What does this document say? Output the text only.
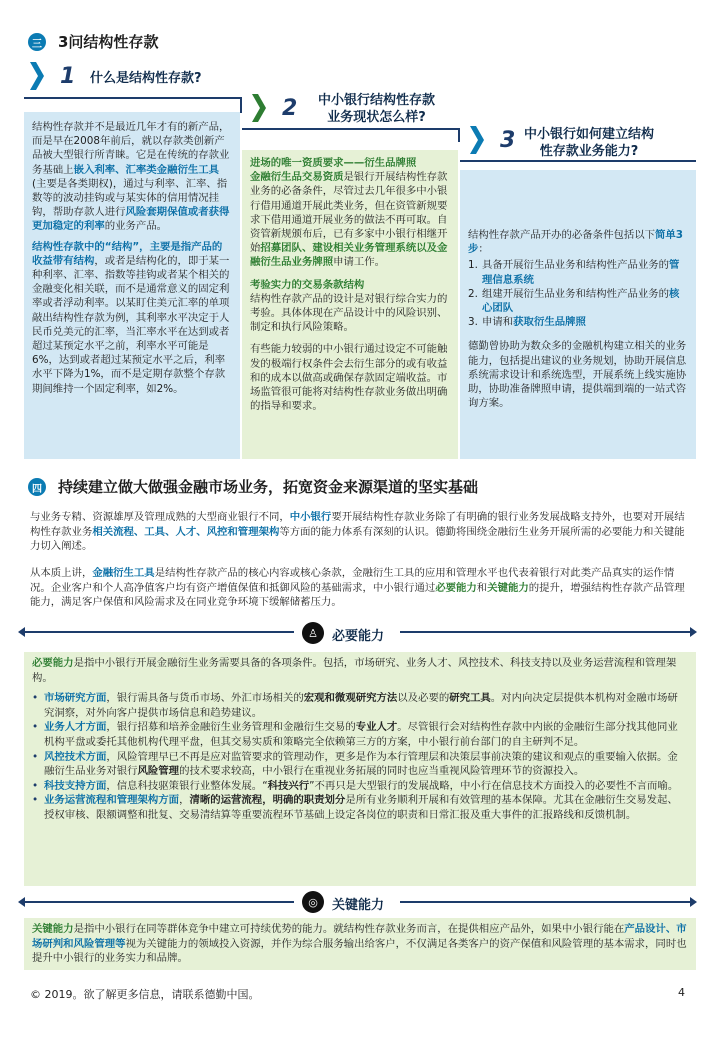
三 3问结构性存款
1 什么是结构性存款?
2 中小银行结构性存款
业务现状怎么样?
3 中小银行如何建立结构
性存款业务能力?

结构性存款并不是最近几年才有的新产品，而是早在2008年前后，就以存款类创新产品被大型银行所青睐。它是在传统的存款业务基础上嵌入利率、汇率类金融衍生工具(主要是各类期权)，通过与利率、汇率、指数等的波动挂钩或与某实体的信用情况挂钩，帮助存款人进行风险套期保值或者获得更加稳定的利率的业务产品。

结构性存款中的“结构”，主要是指产品的收益带有结构，或者是结构化的，即于某一种利率、汇率、指数等挂钩或者某个相关的金融变化相关联，而不是通常意义的固定利率或者浮动利率。以某盯住美元汇率的单项敲出结构性存款为例，其利率水平决定于人民币兑美元的汇率，当汇率水平在达到或者超过某预定水平之前，利率水平可能是6%，达到或者超过某预定水平之后，利率水平下降为1%，而不是定期存款整个存款期间维持一个固定利率，如2%。

进场的唯一资质要求——衍生品牌照
金融衍生品交易资质是银行开展结构性存款业务的必备条件，尽管过去几年很多中小银行借用通道开展此类业务，但在资管新规要求下借用通道开展业务的做法不再可取。自资管新规颁布后，已有多家中小银行相继开始招募团队、建设相关业务管理系统以及金融衍生品业务牌照申请工作。

考验实力的交易条款结构
结构性存款产品的设计是对银行综合实力的考验。具体体现在产品设计中的风险识别、制定和执行风险策略。

有些能力较弱的中小银行通过设定不可能触发的极端行权条件会去衍生部分的或有收益和的成本以做高或确保存款固定端收益。市场监管很可能将对结构性存款业务做出明确的指导和要求。

结构性存款产品开办的必备条件包括以下简单3步：

1. 具备开展衍生品业务和结构性产品业务的管理信息系统
2. 组建开展衍生品业务和结构性产品业务的核心团队
3. 申请和获取衍生品牌照

德勤曾协助为数众多的金融机构建立相关的业务能力，包括提出建议的业务规划，协助开展信息系统需求设计和系统选型，开展系统上线实施协助，协助准备牌照申请，提供端到端的一站式咨询方案。

四 持续建立做大做强金融市场业务，拓宽资金来源渠道的坚实基础
与业务专精、资源雄厚及管理成熟的大型商业银行不同，中小银行要开展结构性存款业务除了有明确的银行业务发展战略支持外，也要对开展结构性存款业务相关流程、工具、人才、风控和管理架构等方面的能力体系有深刻的认识。德勤将围绕金融衍生业务开展所需的必要能力和关键能力切入阐述。
从本质上讲，金融衍生工具是结构性存款产品的核心内容或核心条款，金融衍生工具的应用和管理水平也代表着银行对此类产品真实的运作情况。企业客户和个人高净值客户均有资产增值保值和抵御风险的基础需求，中小银行通过必要能力和关键能力的提升，增强结构性存款产品管理能力，满足客户保值和风险需求及在同业竞争环境下缓解储蓄压力。
♙	必要能力

必要能力是指中小银行开展金融衍生业务需要具备的各项条件。包括，市场研究、业务人才、风控技术、科技支持以及业务运营流程和管理架构。

• 市场研究方面，银行需具备与货币市场、外汇市场相关的宏观和微观研究方法以及必要的研究工具。对内向决定层提供本机构对金融市场研究洞察，对外向客户提供市场信息和趋势建议。
• 业务人才方面，银行招募和培养金融衍生业务管理和金融衍生交易的专业人才。尽管银行会对结构性存款中内嵌的金融衍生部分找其他同业机构平盘或委托其他机构代理平盘，但其交易实质和策略完全依赖第三方的方案，中小银行前台部门的自主研判不足。
• 风控技术方面，风险管理早已不再是应对监管要求的管理动作，更多是作为本行管理层和决策层事前决策的建议和观点的重要输入依据。金融衍生品业务对银行风险管理的技术要求较高，中小银行在重视业务拓展的同时也应当重视风险管理环节的资源投入。
• 科技支持方面，信息科技驱策银行业整体发展。“科技兴行”不再只是大型银行的发展战略，中小行在信息技术方面投入的必要性不言而喻。
• 业务运营流程和管理架构方面，清晰的运营流程，明确的职责划分是所有业务顺利开展和有效管理的基本保障。尤其在金融衍生交易发起、授权审核、限额调整和批复、交易清结算等重要流程环节基础上设定各岗位的职责和日常汇报及重大事件的汇报路线和反馈机制。
◎	关键能力
关键能力是指中小银行在同等群体竞争中建立可持续优势的能力。就结构性存款业务而言，在提供相应产品外，如果中小银行能在产品设计、市场研判和风险管理等视为关键能力的领域投入资源，并作为综合服务输出给客户，不仅满足各类客户的资产保值和风险管理的基本需求，同时也提升中小银行的业务实力和品牌。
© 2019。欲了解更多信息，请联系德勤中国。	4
